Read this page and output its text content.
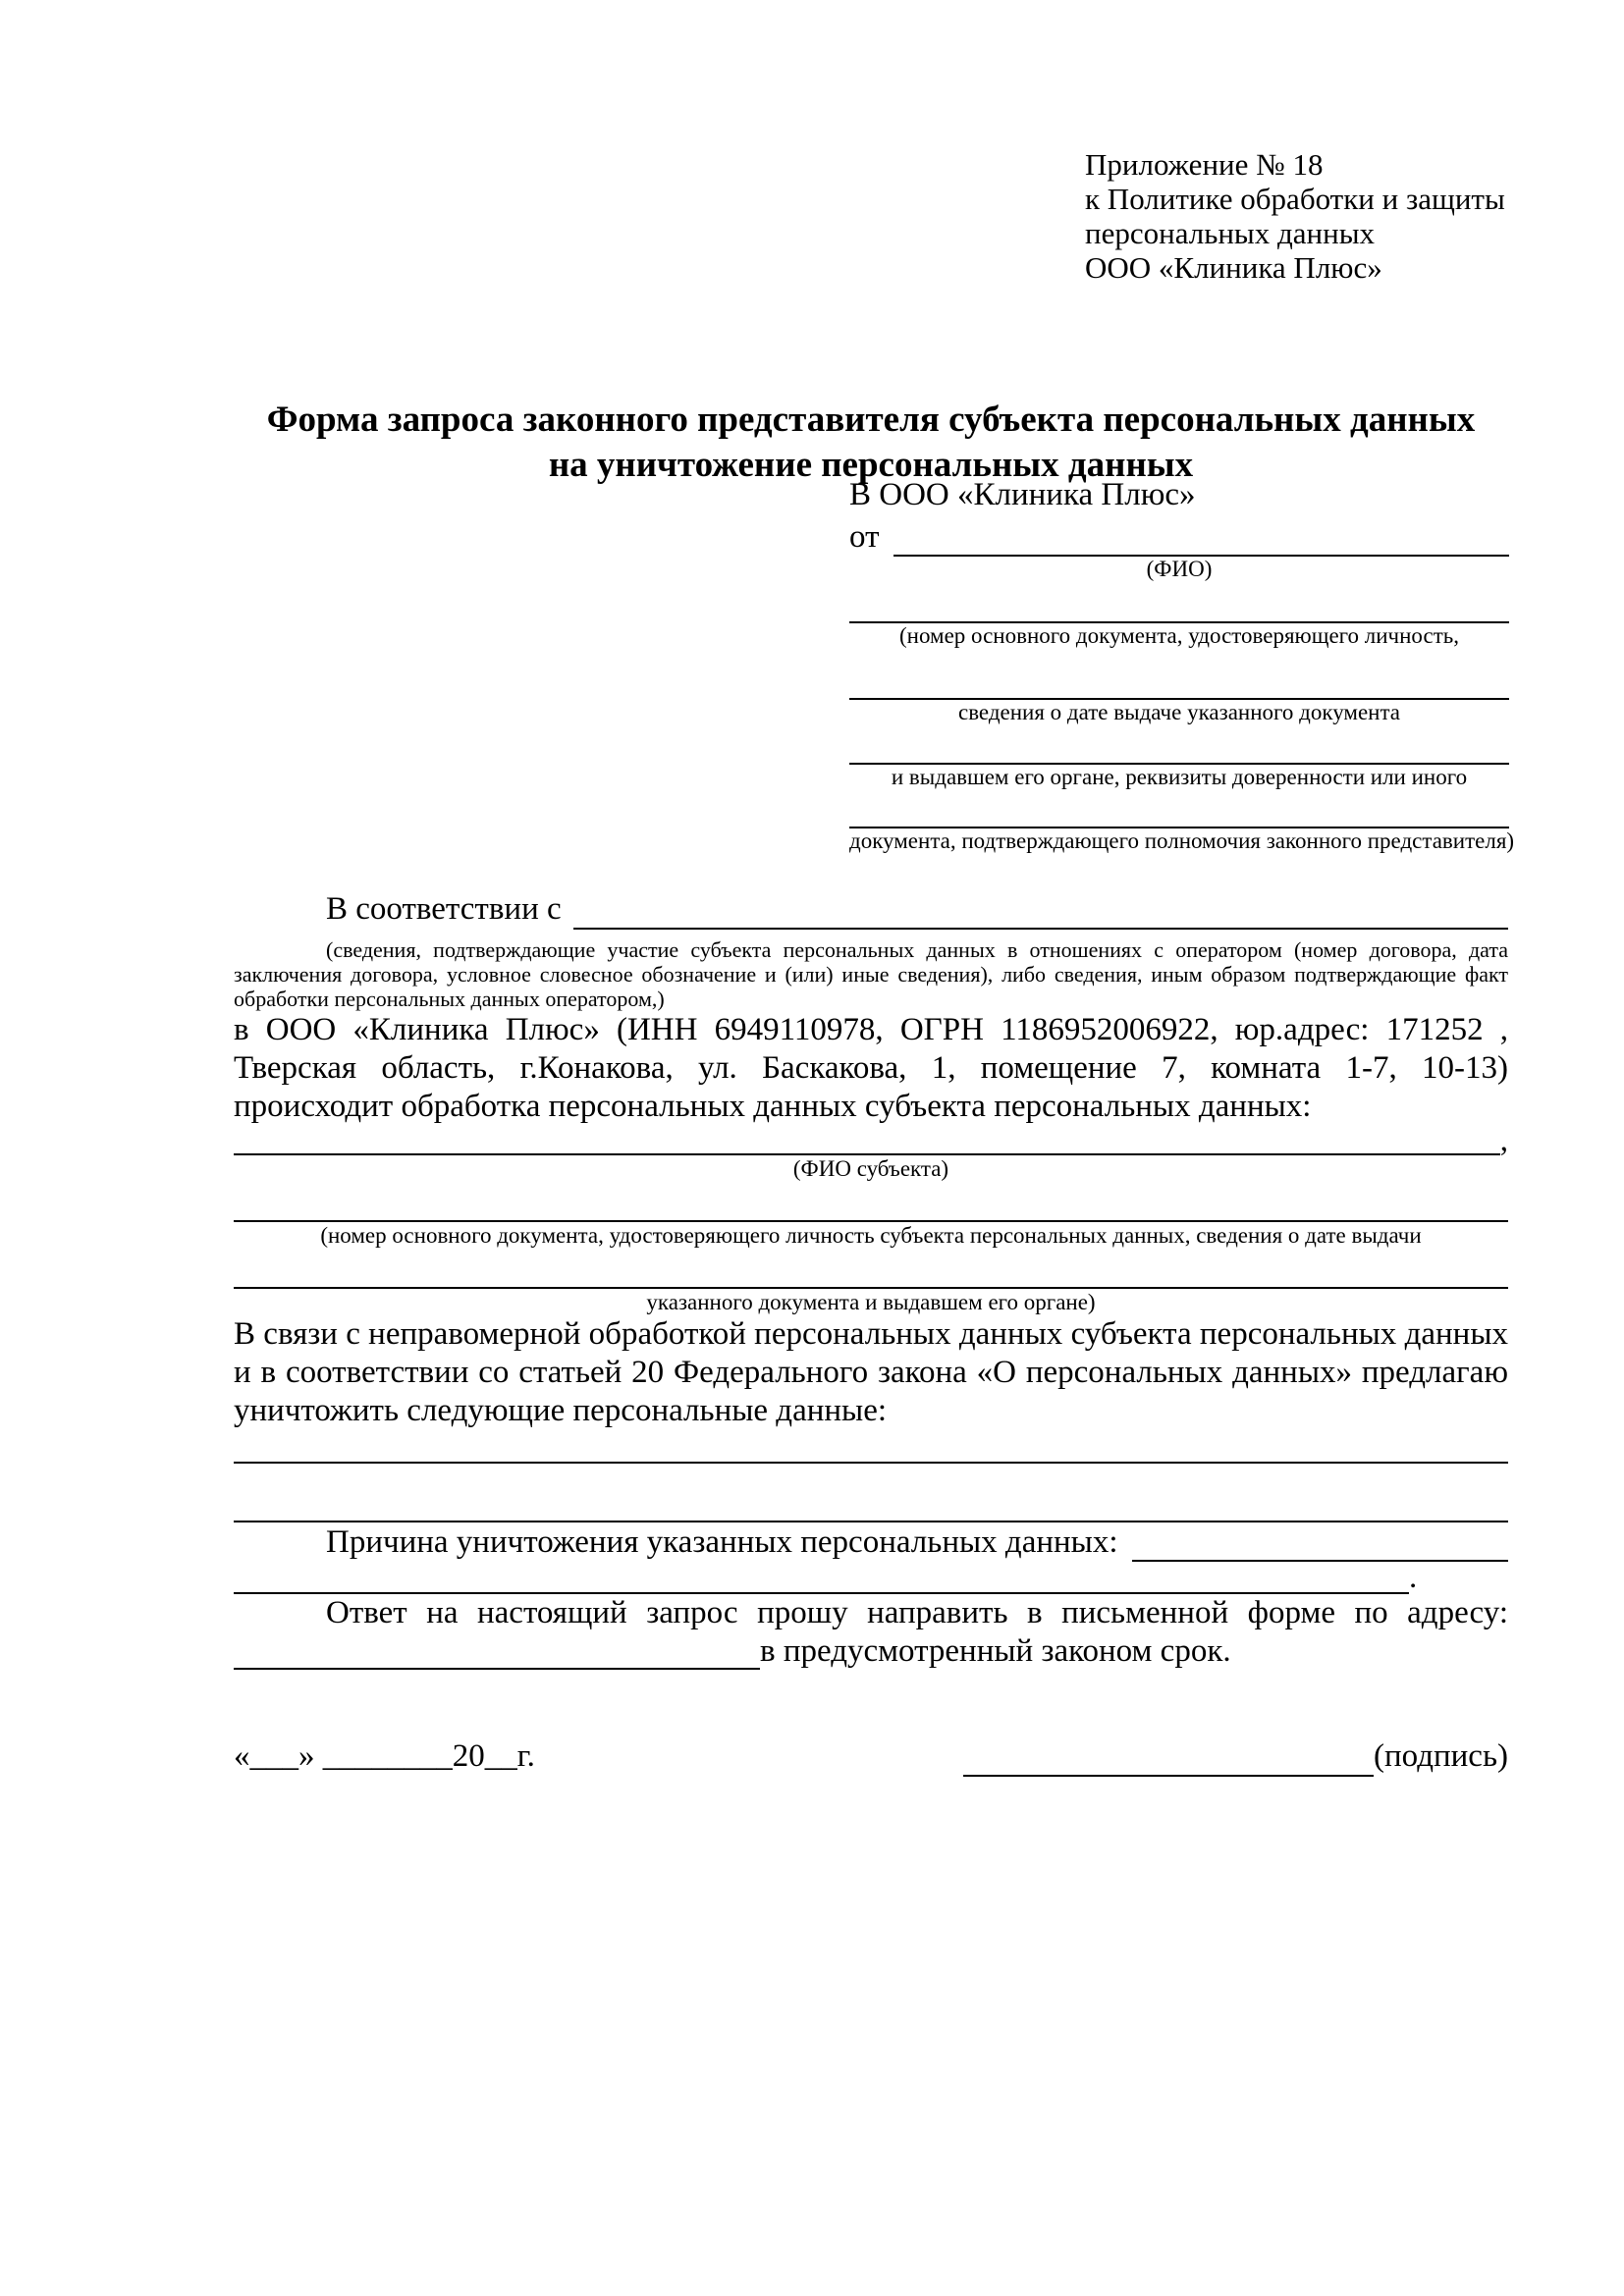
Приложение № 18
к Политике обработки и защиты
персональных данных
ООО «Клиника Плюс»
Форма запроса законного представителя субъекта персональных данных
на уничтожение персональных данных
В ООО «Клиника Плюс»
от
(ФИО)
(номер основного документа, удостоверяющего личность,
сведения о дате выдаче указанного документа
и выдавшем его органе, реквизиты доверенности или иного
документа, подтверждающего полномочия законного представителя)
В соответствии с
(сведения, подтверждающие участие субъекта персональных данных в отношениях с оператором (номер договора, дата
заключения договора, условное словесное обозначение и (или) иные сведения), либо сведения, иным образом подтверждающие факт
обработки персональных данных оператором,)
в ООО «Клиника Плюс» (ИНН 6949110978, ОГРН 1186952006922, юр.адрес: 171252 ,
Тверская область, г.Конакова, ул. Баскакова, 1, помещение 7, комната 1-7, 10-13)
происходит обработка персональных данных субъекта персональных данных:
,
(ФИО субъекта)
(номер основного документа, удостоверяющего личность субъекта персональных данных, сведения о дате выдачи
указанного документа и выдавшем его органе)
В связи с неправомерной обработкой персональных данных субъекта персональных данных
и в соответствии со статьей 20 Федерального закона «О персональных данных» предлагаю
уничтожить следующие персональные данные:
Причина уничтожения указанных персональных данных:
.
Ответ на настоящий запрос прошу направить в письменной форме по адресу:
в предусмотренный законом срок.
«___» ________20__г.	(подпись)
